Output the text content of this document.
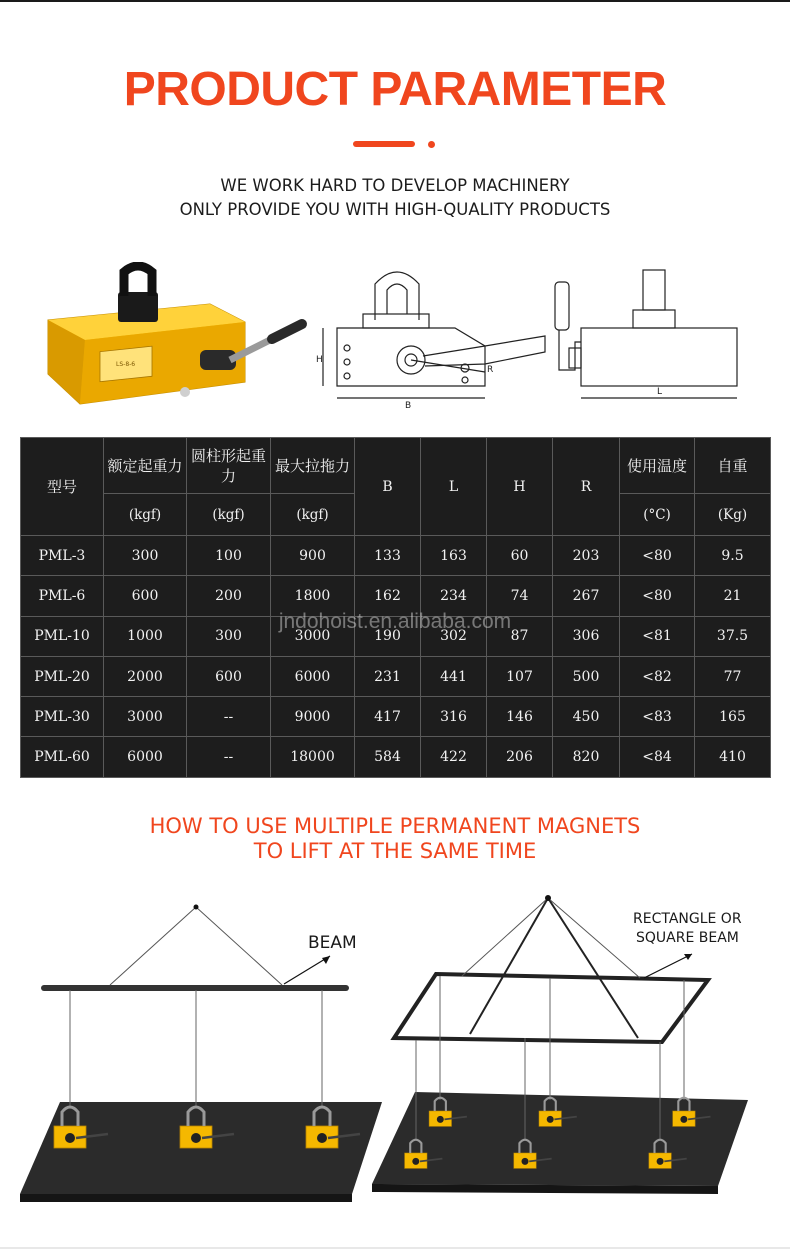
PRODUCT PARAMETER
WE WORK HARD TO DEVELOP MACHINERY
ONLY PROVIDE YOU WITH HIGH-QUALITY PRODUCTS
LS-8-6	H
B
R
L
型号	额定起重力	圆柱形起重力	最大拉拖力	B	L	H	R	使用温度	自重
	(kgf)	(kgf)	(kgf)					(°C)	(Kg)
PML-3	300	100	900	133	163	60	203	<80	9.5
PML-6	600	200	1800	162	234	74	267	<80	21
PML-10	1000	300	3000	190	302	87	306	<81	37.5
PML-20	2000	600	6000	231	441	107	500	<82	77
PML-30	3000	--	9000	417	316	146	450	<83	165
PML-60	6000	--	18000	584	422	206	820	<84	410
jndohoist.en.alibaba.com
HOW TO USE MULTIPLE PERMANENT MAGNETS
TO LIFT AT THE SAME TIME
BEAM
RECTANGLE OR
SQUARE BEAM
